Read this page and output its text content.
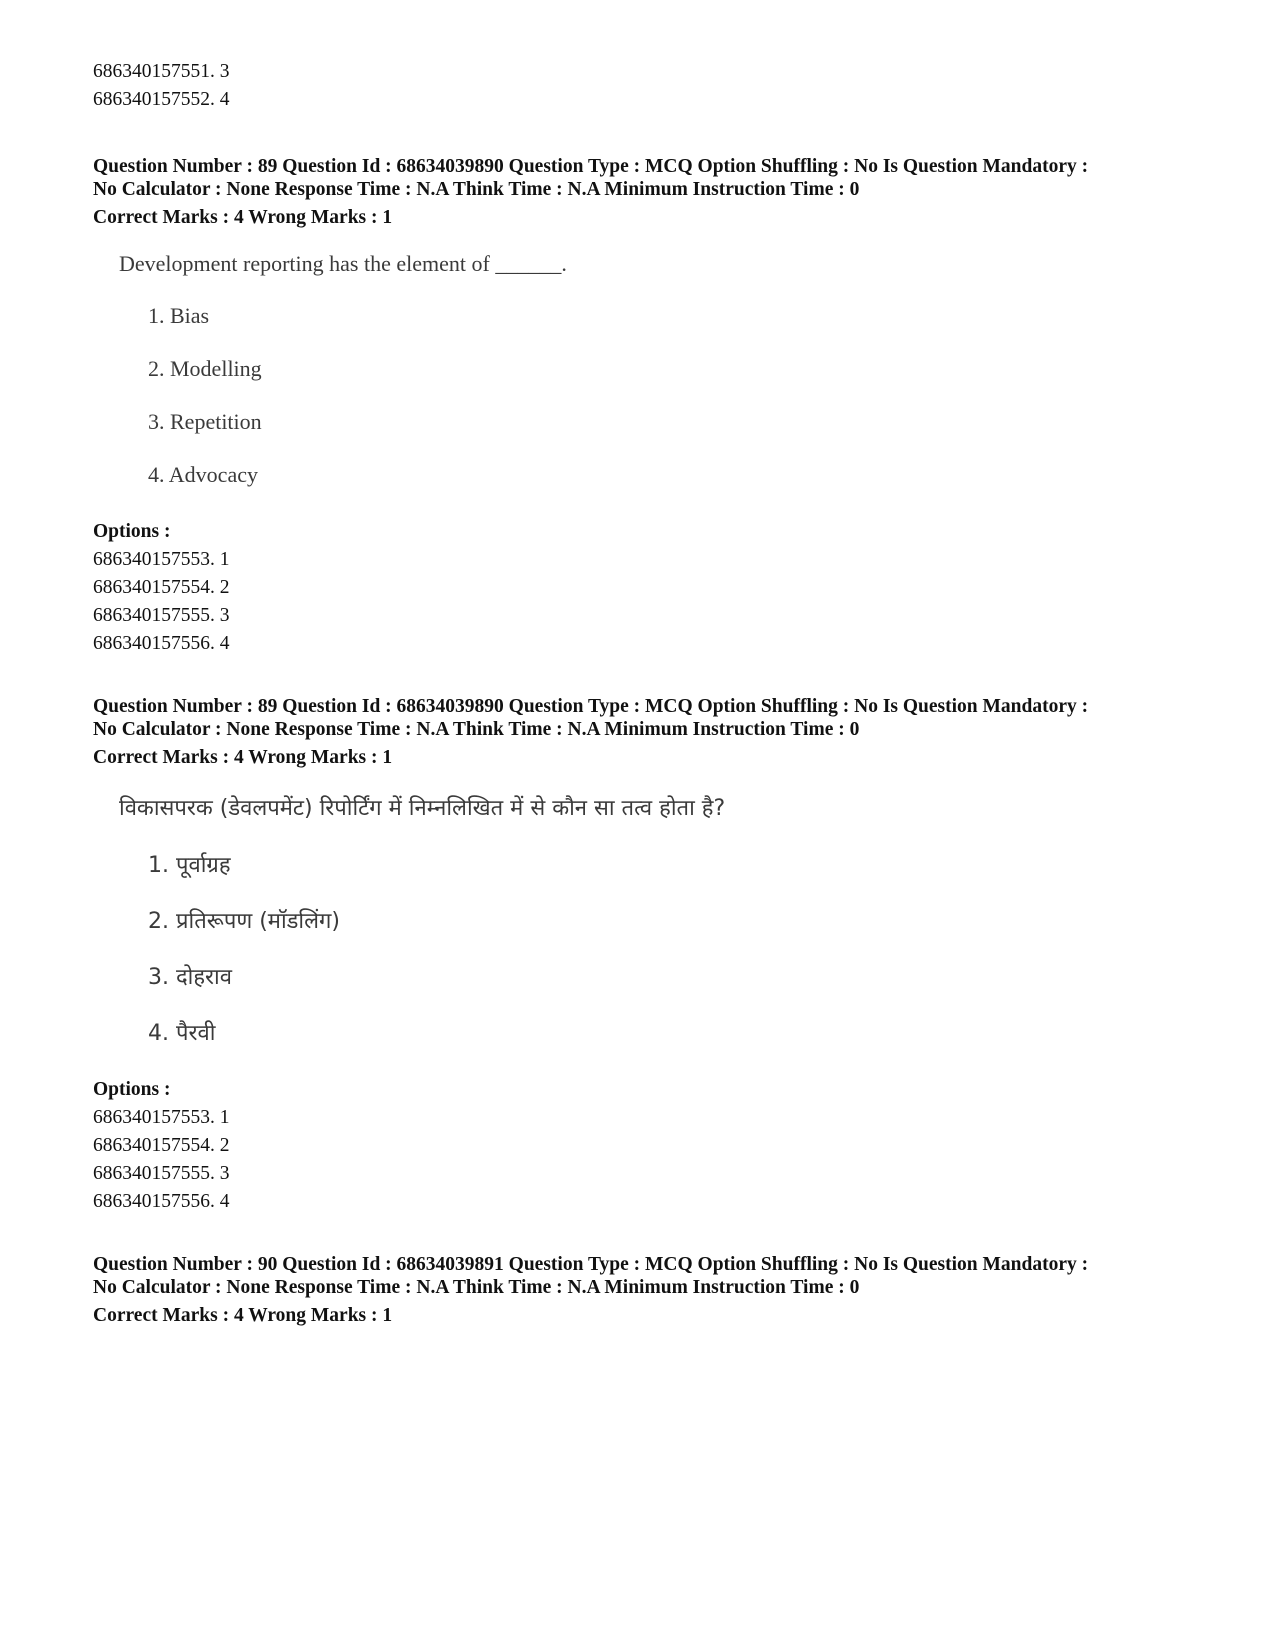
686340157551. 3
686340157552. 4
Question Number : 89 Question Id : 68634039890 Question Type : MCQ Option Shuffling : No Is Question Mandatory :
No Calculator : None Response Time : N.A Think Time : N.A Minimum Instruction Time : 0
Correct Marks : 4 Wrong Marks : 1
Development reporting has the element of ______.
1. Bias
2. Modelling
3. Repetition
4. Advocacy
Options :
686340157553. 1
686340157554. 2
686340157555. 3
686340157556. 4
Question Number : 89 Question Id : 68634039890 Question Type : MCQ Option Shuffling : No Is Question Mandatory :
No Calculator : None Response Time : N.A Think Time : N.A Minimum Instruction Time : 0
Correct Marks : 4 Wrong Marks : 1
विकासपरक (डेवलपमेंट) रिपोर्टिंग में निम्नलिखित में से कौन सा तत्व होता है?
1. पूर्वाग्रह
2. प्रतिरूपण (मॉडलिंग)
3. दोहराव
4. पैरवी
Options :
686340157553. 1
686340157554. 2
686340157555. 3
686340157556. 4
Question Number : 90 Question Id : 68634039891 Question Type : MCQ Option Shuffling : No Is Question Mandatory :
No Calculator : None Response Time : N.A Think Time : N.A Minimum Instruction Time : 0
Correct Marks : 4 Wrong Marks : 1
